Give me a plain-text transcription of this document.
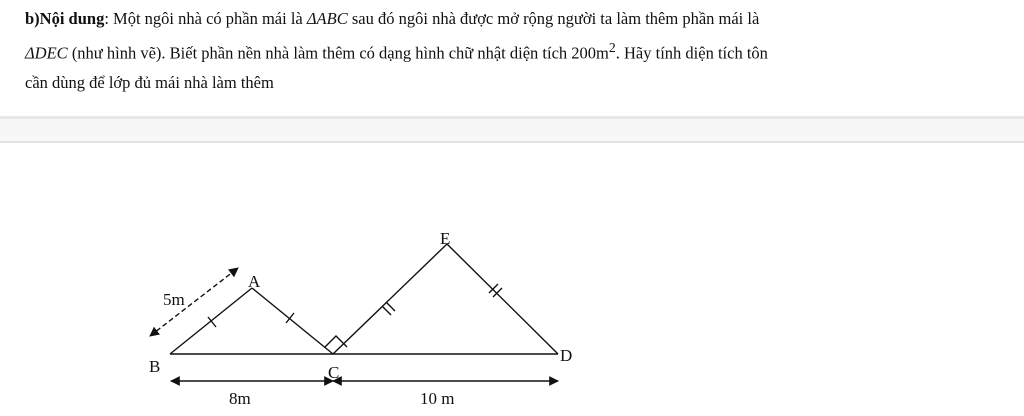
b)Nội dung: Một ngôi nhà có phần mái là ΔABC sau đó ngôi nhà được mở rộng người ta làm thêm phần mái là

ΔDEC (như hình vẽ). Biết phần nền nhà làm thêm có dạng hình chữ nhật diện tích $200m^2$. Hãy tính diện tích tôn

cần dùng để lớp đủ mái nhà làm thêm

A
B	C
D
E
5m
8m	10 m
